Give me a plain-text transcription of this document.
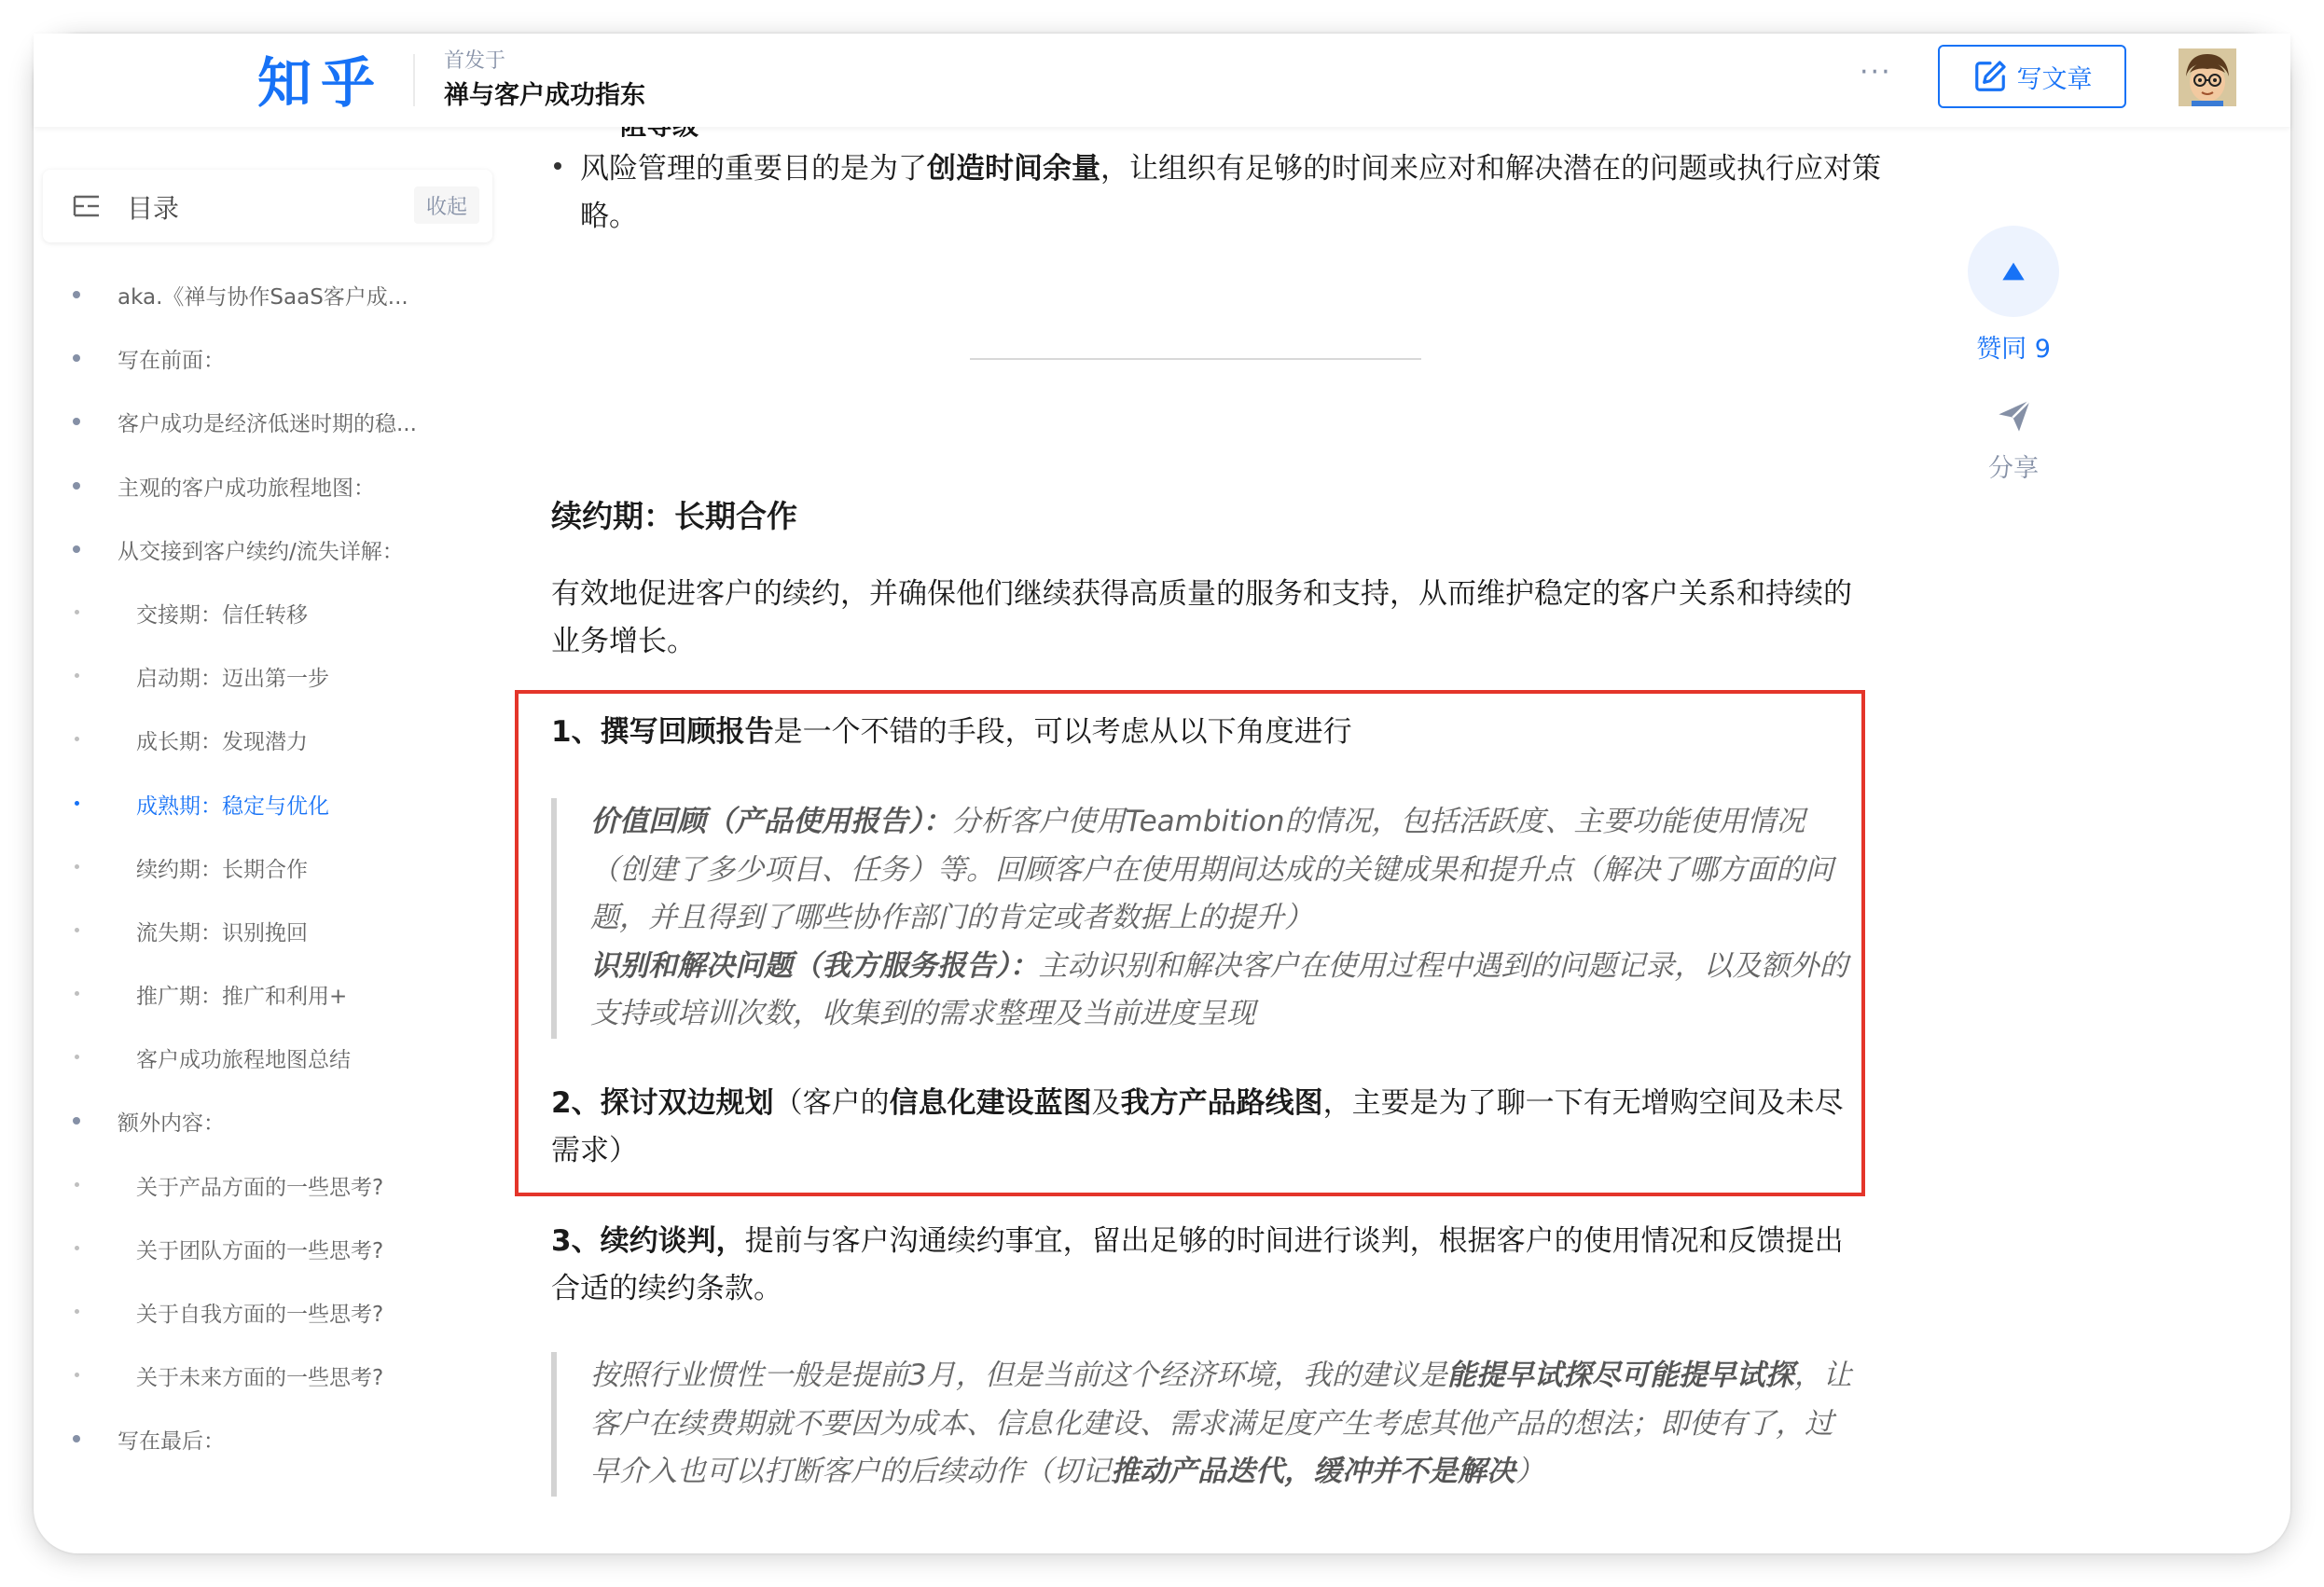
知乎	首发于
禅与客户成功指东
···	写文章
目录	收起
aka.《禅与协作SaaS客户成...
写在前面：
客户成功是经济低迷时期的稳...
主观的客户成功旅程地图：
从交接到客户续约/流失详解：
交接期：信任转移
启动期：迈出第一步
成长期：发现潜力
成熟期：稳定与优化
续约期：长期合作
流失期：识别挽回
推广期：推广和利用+
客户成功旅程地图总结
额外内容：
关于产品方面的一些思考?
关于团队方面的一些思考?
关于自我方面的一些思考?
关于未来方面的一些思考?
写在最后：
风险管理的重要目的是为了创造时间余量，让组织有足够的时间来应对和解决潜在的问题或执行应对策略。
续约期：长期合作
有效地促进客户的续约，并确保他们继续获得高质量的服务和支持，从而维护稳定的客户关系和持续的业务增长。
1、撰写回顾报告是一个不错的手段，可以考虑从以下角度进行
价值回顾（产品使用报告）：分析客户使用Teambition的情况，包括活跃度、主要功能使用情况（创建了多少项目、任务）等。回顾客户在使用期间达成的关键成果和提升点（解决了哪方面的问题，并且得到了哪些协作部门的肯定或者数据上的提升）
识别和解决问题（我方服务报告）：主动识别和解决客户在使用过程中遇到的问题记录，以及额外的支持或培训次数，收集到的需求整理及当前进度呈现
2、探讨双边规划（客户的信息化建设蓝图及我方产品路线图，主要是为了聊一下有无增购空间及未尽需求）
3、续约谈判，提前与客户沟通续约事宜，留出足够的时间进行谈判，根据客户的使用情况和反馈提出合适的续约条款。
按照行业惯性一般是提前3月，但是当前这个经济环境，我的建议是能提早试探尽可能提早试探，让客户在续费期就不要因为成本、信息化建设、需求满足度产生考虑其他产品的想法；即使有了，过早介入也可以打断客户的后续动作（切记推动产品迭代，缓冲并不是解决）
赞同 9
分享
